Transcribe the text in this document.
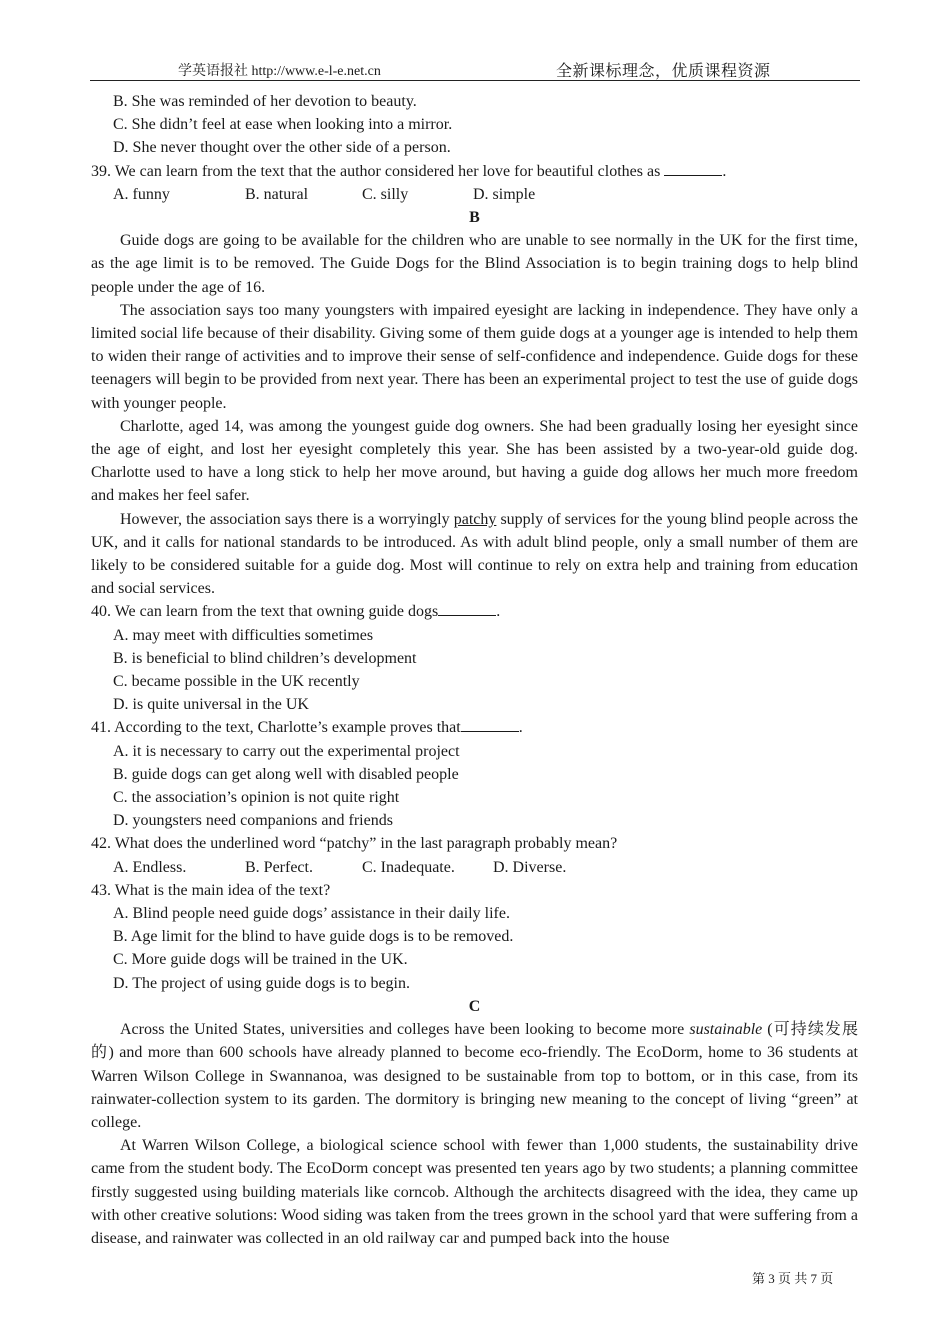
学英语报社 http://www.e-l-e.net.cn	全新课标理念，优质课程资源
B. She was reminded of her devotion to beauty.
C. She didn’t feel at ease when looking into a mirror.
D. She never thought over the other side of a person.
39. We can learn from the text that the author considered her love for beautiful clothes as	.
A. funny	B. natural	C. silly	D. simple
B

Guide dogs are going to be available for the children who are unable to see normally in the UK for the first time, as the age limit is to be removed. The Guide Dogs for the Blind Association is to begin training dogs to help blind people under the age of 16.

The association says too many youngsters with impaired eyesight are lacking in independence. They have only a limited social life because of their disability. Giving some of them guide dogs at a younger age is intended to help them to widen their range of activities and to improve their sense of self-confidence and independence. Guide dogs for these teenagers will begin to be provided from next year. There has been an experimental project to test the use of guide dogs with younger people.

Charlotte, aged 14, was among the youngest guide dog owners. She had been gradually losing her eyesight since the age of eight, and lost her eyesight completely this year. She has been assisted by a two-year-old guide dog. Charlotte used to have a long stick to help her move around, but having a guide dog allows her much more freedom and makes her feel safer.

However, the association says there is a worryingly patchy supply of services for the young blind people across the UK, and it calls for national standards to be introduced. As with adult blind people, only a small number of them are likely to be considered suitable for a guide dog. Most will continue to rely on extra help and training from education and social services.

40. We can learn from the text that owning guide dogs	.
A. may meet with difficulties sometimes
B. is beneficial to blind children’s development
C. became possible in the UK recently
D. is quite universal in the UK
41. According to the text, Charlotte’s example proves that	.
A. it is necessary to carry out the experimental project
B. guide dogs can get along well with disabled people
C. the association’s opinion is not quite right
D. youngsters need companions and friends
42. What does the underlined word “patchy” in the last paragraph probably mean?
A. Endless.	B. Perfect.	C. Inadequate. D. Diverse.
43. What is the main idea of the text?
A. Blind people need guide dogs’ assistance in their daily life.
B. Age limit for the blind to have guide dogs is to be removed.
C. More guide dogs will be trained in the UK.
D. The project of using guide dogs is to begin.
C

Across the United States, universities and colleges have been looking to become more sustainable (可持续发展的) and more than 600 schools have already planned to become eco-friendly. The EcoDorm, home to 36 students at Warren Wilson College in Swannanoa, was designed to be sustainable from top to bottom, or in this case, from its rainwater-collection system to its garden. The dormitory is bringing new meaning to the concept of living “green” at college.

At Warren Wilson College, a biological science school with fewer than 1,000 students, the sustainability drive came from the student body. The EcoDorm concept was presented ten years ago by two students; a planning committee firstly suggested using building materials like corncob. Although the architects disagreed with the idea, they came up with other creative solutions: Wood siding was taken from the trees grown in the school yard that were suffering from a disease, and rainwater was collected in an old railway car and pumped back into the house

第 3 页 共 7 页
